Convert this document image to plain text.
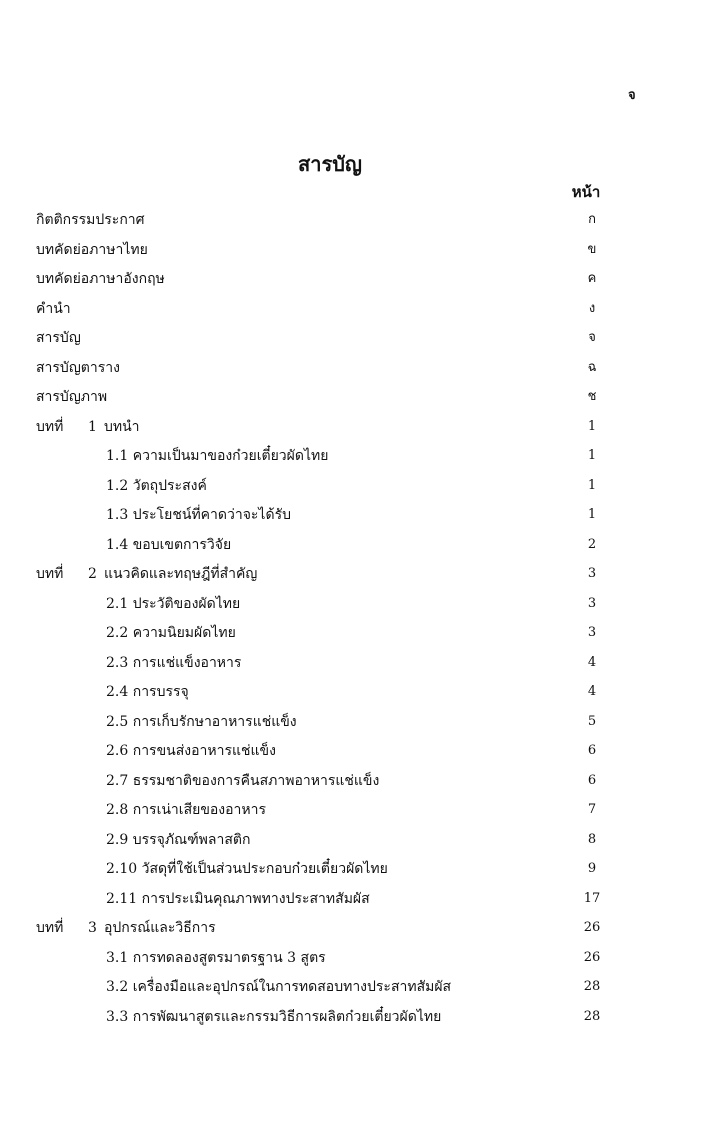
จ
สารบัญ
หน้า
กิตติกรรมประกาศ	ก
บทคัดย่อภาษาไทย	ข
บทคัดย่อภาษาอังกฤษ	ค
คำนำ	ง
สารบัญ	จ
สารบัญตาราง	ฉ
สารบัญภาพ	ช
บทที่ 1 บทนำ	1
1.1 ความเป็นมาของก๋วยเตี๋ยวผัดไทย	1
1.2 วัตถุประสงค์	1
1.3 ประโยชน์ที่คาดว่าจะได้รับ	1
1.4 ขอบเขตการวิจัย	2
บทที่ 2 แนวคิดและทฤษฎีที่สำคัญ	3
2.1 ประวัติของผัดไทย	3
2.2 ความนิยมผัดไทย	3
2.3 การแช่แข็งอาหาร	4
2.4 การบรรจุ	4
2.5 การเก็บรักษาอาหารแช่แข็ง	5
2.6 การขนส่งอาหารแช่แข็ง	6
2.7 ธรรมชาติของการคืนสภาพอาหารแช่แข็ง	6
2.8 การเน่าเสียของอาหาร	7
2.9 บรรจุภัณฑ์พลาสติก	8
2.10 วัสดุที่ใช้เป็นส่วนประกอบก๋วยเตี๋ยวผัดไทย	9
2.11 การประเมินคุณภาพทางประสาทสัมผัส	17
บทที่ 3 อุปกรณ์และวิธีการ	26
3.1 การทดลองสูตรมาตรฐาน 3 สูตร	26
3.2 เครื่องมือและอุปกรณ์ในการทดสอบทางประสาทสัมผัส	28
3.3 การพัฒนาสูตรและกรรมวิธีการผลิตก๋วยเตี๋ยวผัดไทย	28
